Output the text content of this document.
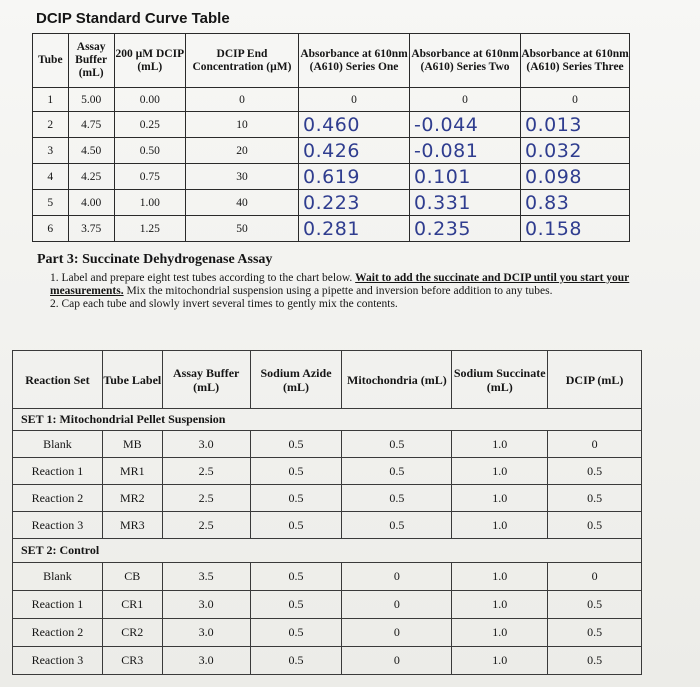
DCIP Standard Curve Table
Tube	Assay Buffer (mL)	200 µM DCIP (mL)	DCIP End Concentration (µM)	Absorbance at 610nm (A610) Series One	Absorbance at 610nm (A610) Series Two	Absorbance at 610nm (A610) Series Three
1	5.00	0.00	0	0	0	0
2	4.75	0.25	10	0.460	-0.044	0.013
3	4.50	0.50	20	0.426	-0.081	0.032
4	4.25	0.75	30	0.619	0.101	0.098
5	4.00	1.00	40	0.223	0.331	0.83
6	3.75	1.25	50	0.281	0.235	0.158
Part 3: Succinate Dehydrogenase Assay
1. Label and prepare eight test tubes according to the chart below. Wait to add the succinate and DCIP until you start your measurements. Mix the mitochondrial suspension using a pipette and inversion before addition to any tubes.
2. Cap each tube and slowly invert several times to gently mix the contents.
Reaction Set	Tube Label	Assay Buffer (mL)	Sodium Azide (mL)	Mitochondria (mL)	Sodium Succinate (mL)	DCIP (mL)
SET 1: Mitochondrial Pellet Suspension						
Blank	MB	3.0	0.5	0.5	1.0	0
Reaction 1	MR1	2.5	0.5	0.5	1.0	0.5
Reaction 2	MR2	2.5	0.5	0.5	1.0	0.5
Reaction 3	MR3	2.5	0.5	0.5	1.0	0.5
SET 2: Control						
Blank	CB	3.5	0.5	0	1.0	0
Reaction 1	CR1	3.0	0.5	0	1.0	0.5
Reaction 2	CR2	3.0	0.5	0	1.0	0.5
Reaction 3	CR3	3.0	0.5	0	1.0	0.5
